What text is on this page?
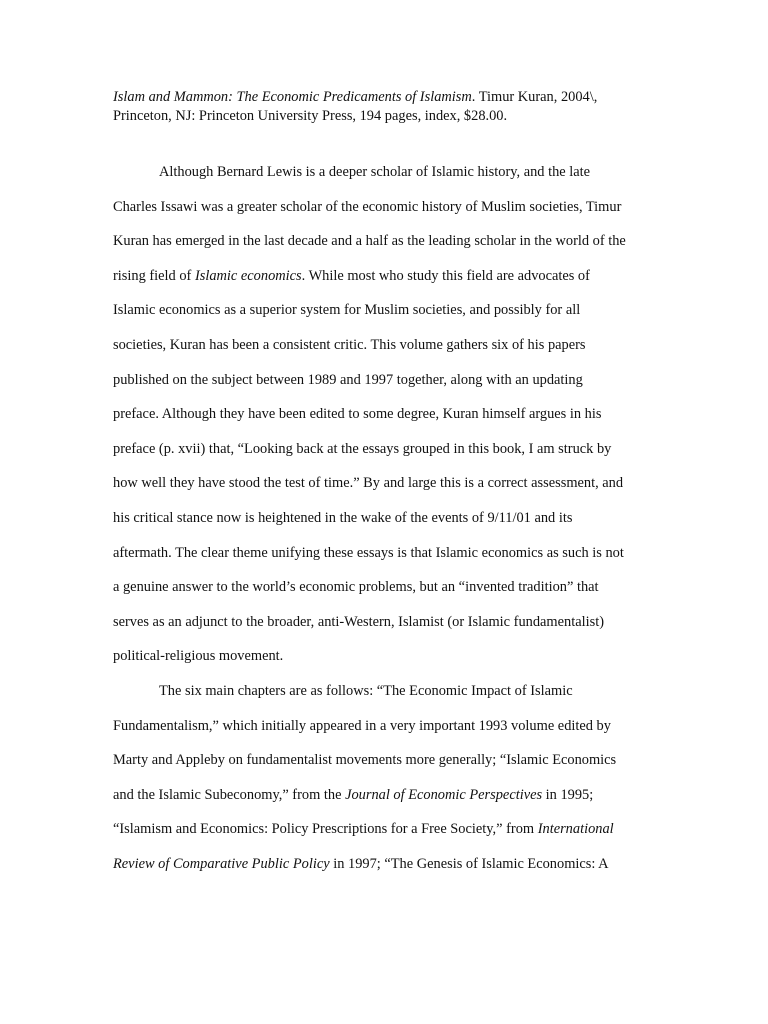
Islam and Mammon: The Economic Predicaments of Islamism. Timur Kuran, 2004\,
Princeton, NJ: Princeton University Press, 194 pages, index, $28.00.
Although Bernard Lewis is a deeper scholar of Islamic history, and the late
Charles Issawi was a greater scholar of the economic history of Muslim societies, Timur
Kuran has emerged in the last decade and a half as the leading scholar in the world of the
rising field of Islamic economics. While most who study this field are advocates of
Islamic economics as a superior system for Muslim societies, and possibly for all
societies, Kuran has been a consistent critic. This volume gathers six of his papers
published on the subject between 1989 and 1997 together, along with an updating
preface. Although they have been edited to some degree, Kuran himself argues in his
preface (p. xvii) that, “Looking back at the essays grouped in this book, I am struck by
how well they have stood the test of time.” By and large this is a correct assessment, and
his critical stance now is heightened in the wake of the events of 9/11/01 and its
aftermath. The clear theme unifying these essays is that Islamic economics as such is not
a genuine answer to the world’s economic problems, but an “invented tradition” that
serves as an adjunct to the broader, anti-Western, Islamist (or Islamic fundamentalist)
political-religious movement.
The six main chapters are as follows: “The Economic Impact of Islamic
Fundamentalism,” which initially appeared in a very important 1993 volume edited by
Marty and Appleby on fundamentalist movements more generally; “Islamic Economics
and the Islamic Subeconomy,” from the Journal of Economic Perspectives in 1995;
“Islamism and Economics: Policy Prescriptions for a Free Society,” from International
Review of Comparative Public Policy in 1997; “The Genesis of Islamic Economics: A
